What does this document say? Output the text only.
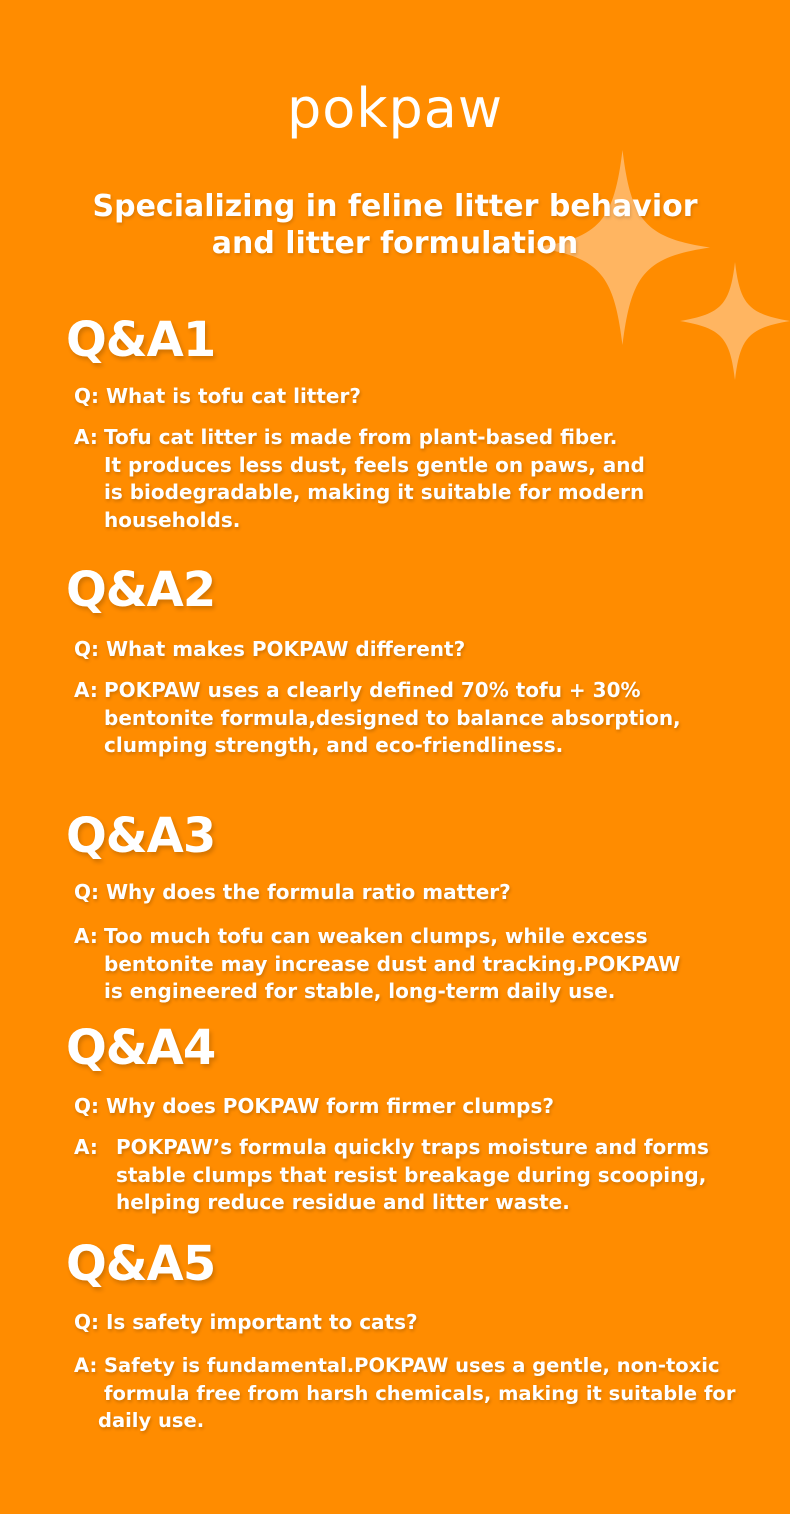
pokpaw
Specializing in feline litter behavior
and litter formulation
Q&A1
Q: What is tofu cat litter?
A: Tofu cat litter is made from plant-based fiber.
It produces less dust, feels gentle on paws, and
is biodegradable, making it suitable for modern
households.
Q&A2
Q: What makes POKPAW different?
A: POKPAW uses a clearly defined 70% tofu + 30%
bentonite formula,designed to balance absorption,
clumping strength, and eco-friendliness.
Q&A3
Q: Why does the formula ratio matter?
A: Too much tofu can weaken clumps, while excess
bentonite may increase dust and tracking.POKPAW
is engineered for stable, long-term daily use.
Q&A4
Q: Why does POKPAW form firmer clumps?
A: POKPAW’s formula quickly traps moisture and forms
stable clumps that resist breakage during scooping,
helping reduce residue and litter waste.
Q&A5
Q: Is safety important to cats?
A: Safety is fundamental.POKPAW uses a gentle, non-toxic
formula free from harsh chemicals, making it suitable for
daily use.
